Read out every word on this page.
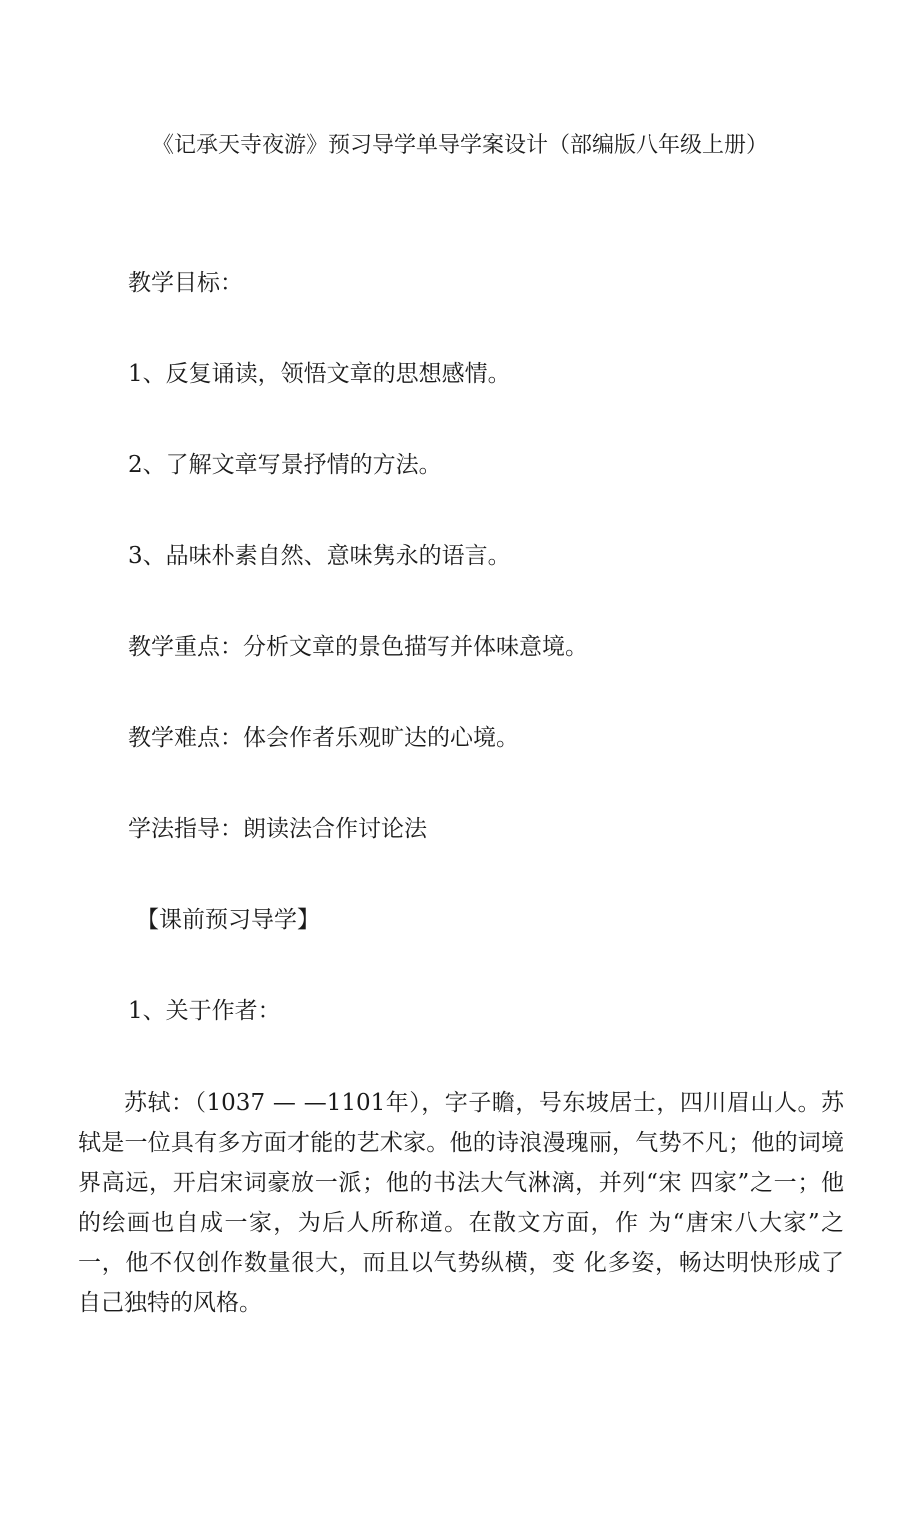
《记承天寺夜游》预习导学单导学案设计（部编版八年级上册）
教学目标：
1、反复诵读，领悟文章的思想感情。
2、了解文章写景抒情的方法。
3、品味朴素自然、意味隽永的语言。
教学重点：分析文章的景色描写并体味意境。
教学难点：体会作者乐观旷达的心境。
学法指导：朗读法合作讨论法
【课前预习导学】
1、关于作者：
苏轼：（1037 — —1101年），字子瞻，号东坡居士，四川眉山人。苏轼是一位具有多方面才能的艺术家。他的诗浪漫瑰丽，气势不凡；他的词境界高远，开启宋词豪放一派；他的书法大气淋漓，并列“宋 四家”之一；他的绘画也自成一家，为后人所称道。在散文方面，作 为“唐宋八大家”之一，他不仅创作数量很大，而且以气势纵横，变 化多姿，畅达明快形成了自己独特的风格。
